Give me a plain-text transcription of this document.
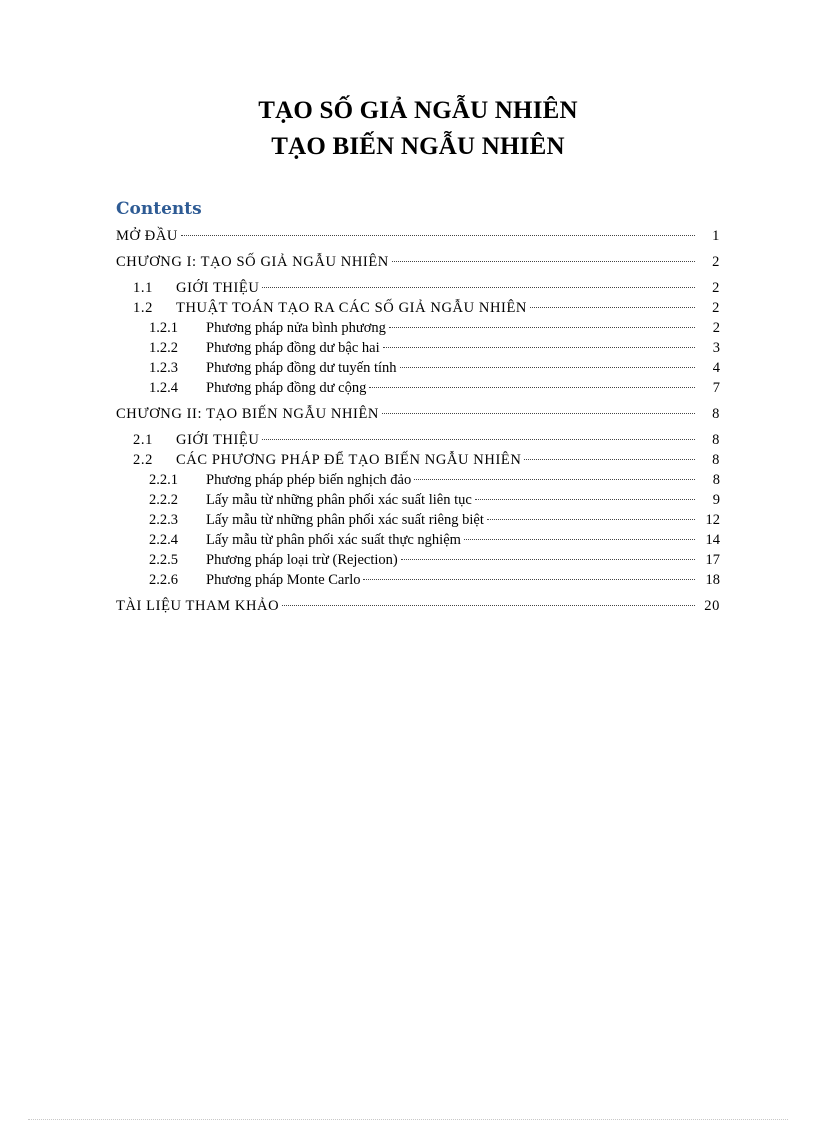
TẠO SỐ GIẢ NGẪU NHIÊN
TẠO BIẾN NGẪU NHIÊN
Contents
MỞ ĐẦU	1
CHƯƠNG I: TẠO SỐ GIẢ NGẪU NHIÊN	2
1.1	GIỚI THIỆU	2
1.2	THUẬT TOÁN TẠO RA CÁC SỐ GIẢ NGẪU NHIÊN	2
1.2.1	Phương pháp nửa bình phương	2
1.2.2	Phương pháp đồng dư bậc hai	3
1.2.3	Phương pháp đồng dư tuyến tính	4
1.2.4	Phương pháp đồng dư cộng	7
CHƯƠNG II: TẠO BIẾN NGẪU NHIÊN	8
2.1	GIỚI THIỆU	8
2.2	CÁC PHƯƠNG PHÁP ĐỂ TẠO BIẾN NGẪU NHIÊN	8
2.2.1	Phương pháp phép biến nghịch đảo	8
2.2.2	Lấy mẫu từ những phân phối xác suất liên tục	9
2.2.3	Lấy mẫu từ những phân phối xác suất riêng biệt	12
2.2.4	Lấy mẫu từ phân phối xác suất thực nghiệm	14
2.2.5	Phương pháp loại trừ (Rejection)	17
2.2.6	Phương pháp Monte Carlo	18
TÀI LIỆU THAM KHẢO	20
